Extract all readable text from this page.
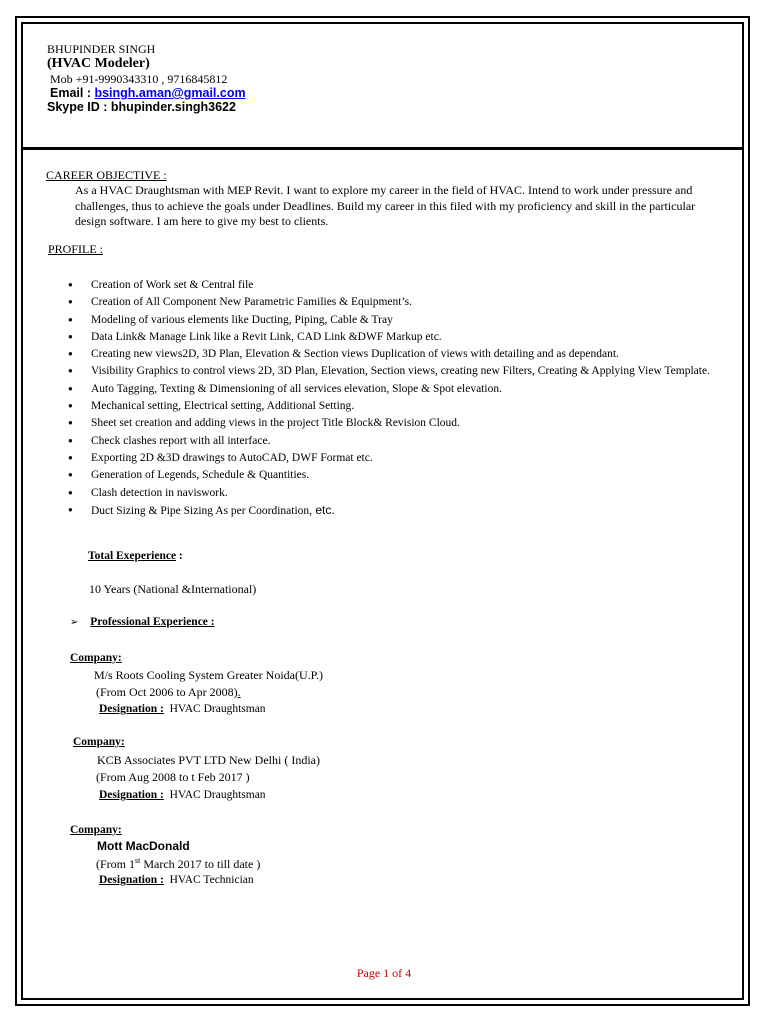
BHUPINDER SINGH
(HVAC Modeler)
Mob +91-9990343310 , 9716845812
Email : bsingh.aman@gmail.com
Skype ID : bhupinder.singh3622
CAREER OBJECTIVE :
As a HVAC Draughtsman with MEP Revit. I want to explore my career in the field of HVAC. Intend to work under pressure and challenges, thus to achieve the goals under Deadlines. Build my career in this filed with my proficiency and skill in the particular design software. I am here to give my best to clients.
PROFILE :
● Creation of Work set & Central file
● Creation of All Component New Parametric Families & Equipment’s.
● Modeling of various elements like Ducting, Piping, Cable & Tray
● Data Link& Manage Link like a Revit Link, CAD Link &DWF Markup etc.
● Creating new views2D, 3D Plan, Elevation & Section views Duplication of views with detailing and as dependant.
● Visibility Graphics to control views 2D, 3D Plan, Elevation, Section views, creating new Filters, Creating & Applying View Template.
● Auto Tagging, Texting & Dimensioning of all services elevation, Slope & Spot elevation.
● Mechanical setting, Electrical setting, Additional Setting.
● Sheet set creation and adding views in the project Title Block& Revision Cloud.
● Check clashes report with all interface.
● Exporting 2D &3D drawings to AutoCAD, DWF Format etc.
● Generation of Legends, Schedule & Quantities.
● Clash detection in naviswork.
● Duct Sizing & Pipe Sizing As per Coordination, etc.
Total Exeperience :
10 Years (National &International)
➢ Professional Experience :
Company:
M/s Roots Cooling System Greater Noida(U.P.)
(From Oct 2006 to Apr 2008).
Designation : HVAC Draughtsman
Company:
KCB Associates PVT LTD New Delhi ( India)
(From Aug 2008 to t Feb 2017 )
Designation : HVAC Draughtsman
Company:
Mott MacDonald
(From 1st March 2017 to till date )
Designation : HVAC Technician
Page 1 of 4
